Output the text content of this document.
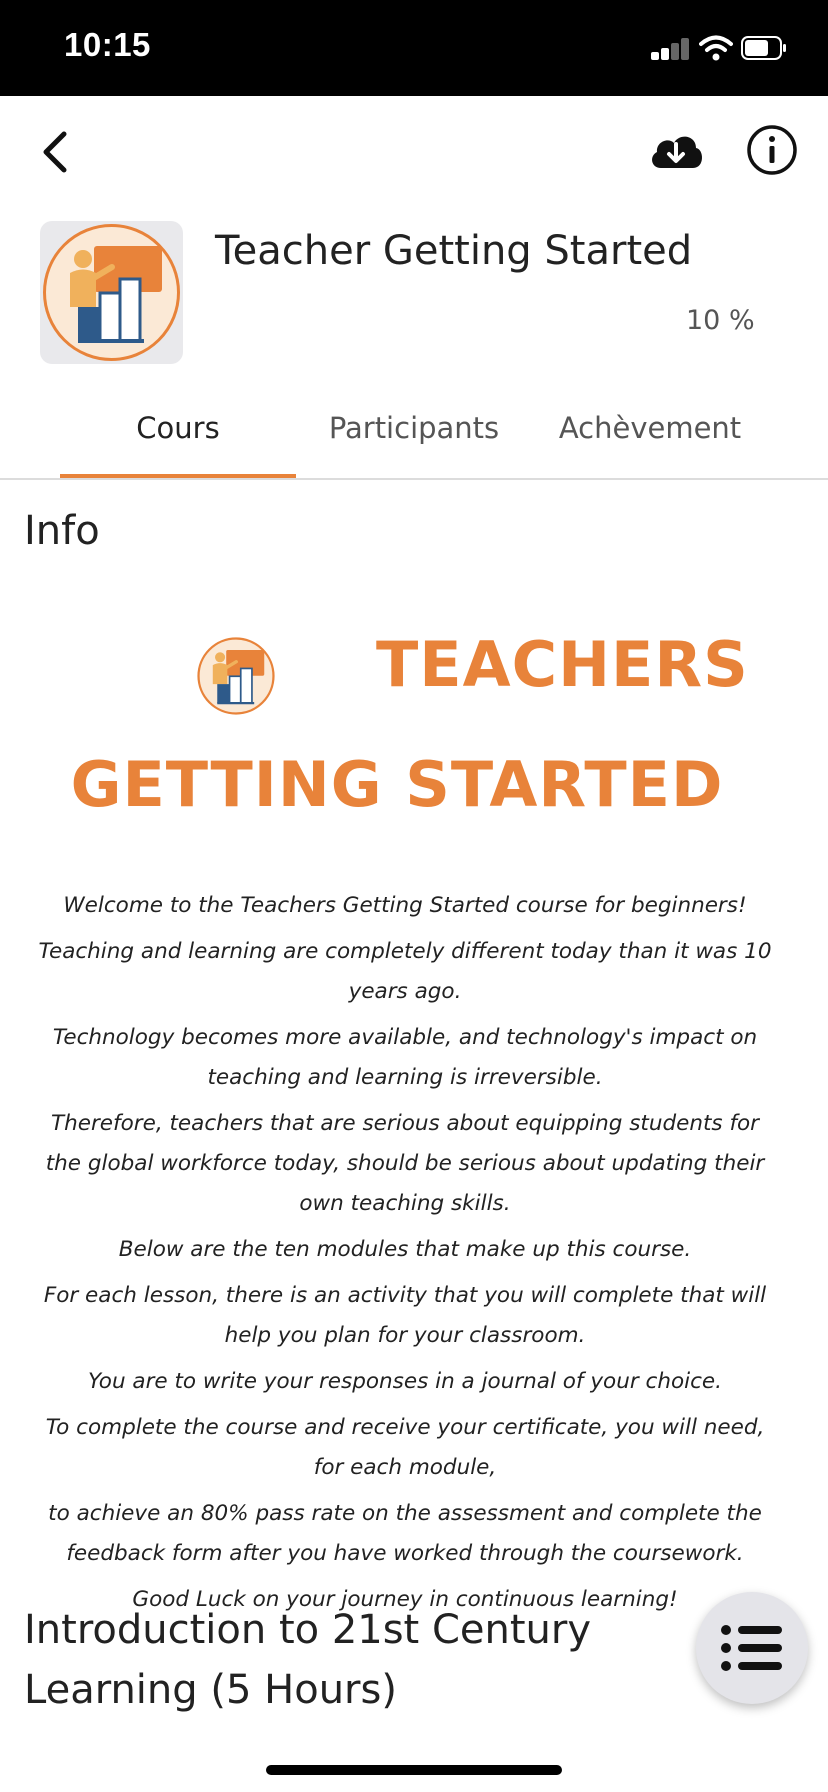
10:15
Teacher Getting Started
10 %
Cours	Participants	Achèvement
Info
TEACHERS
GETTING STARTED

Welcome to the Teachers Getting Started course for beginners!

Teaching and learning are completely different today than it was 10 years ago.

Technology becomes more available, and technology's impact on teaching and learning is irreversible.

Therefore, teachers that are serious about equipping students for the global workforce today, should be serious about updating their own teaching skills.

Below are the ten modules that make up this course.

For each lesson, there is an activity that you will complete that will help you plan for your classroom.

You are to write your responses in a journal of your choice.

To complete the course and receive your certificate, you will need, for each module,

to achieve an 80% pass rate on the assessment and complete the feedback form after you have worked through the coursework.

Good Luck on your journey in continuous learning!

Introduction to 21st Century Learning (5 Hours)
